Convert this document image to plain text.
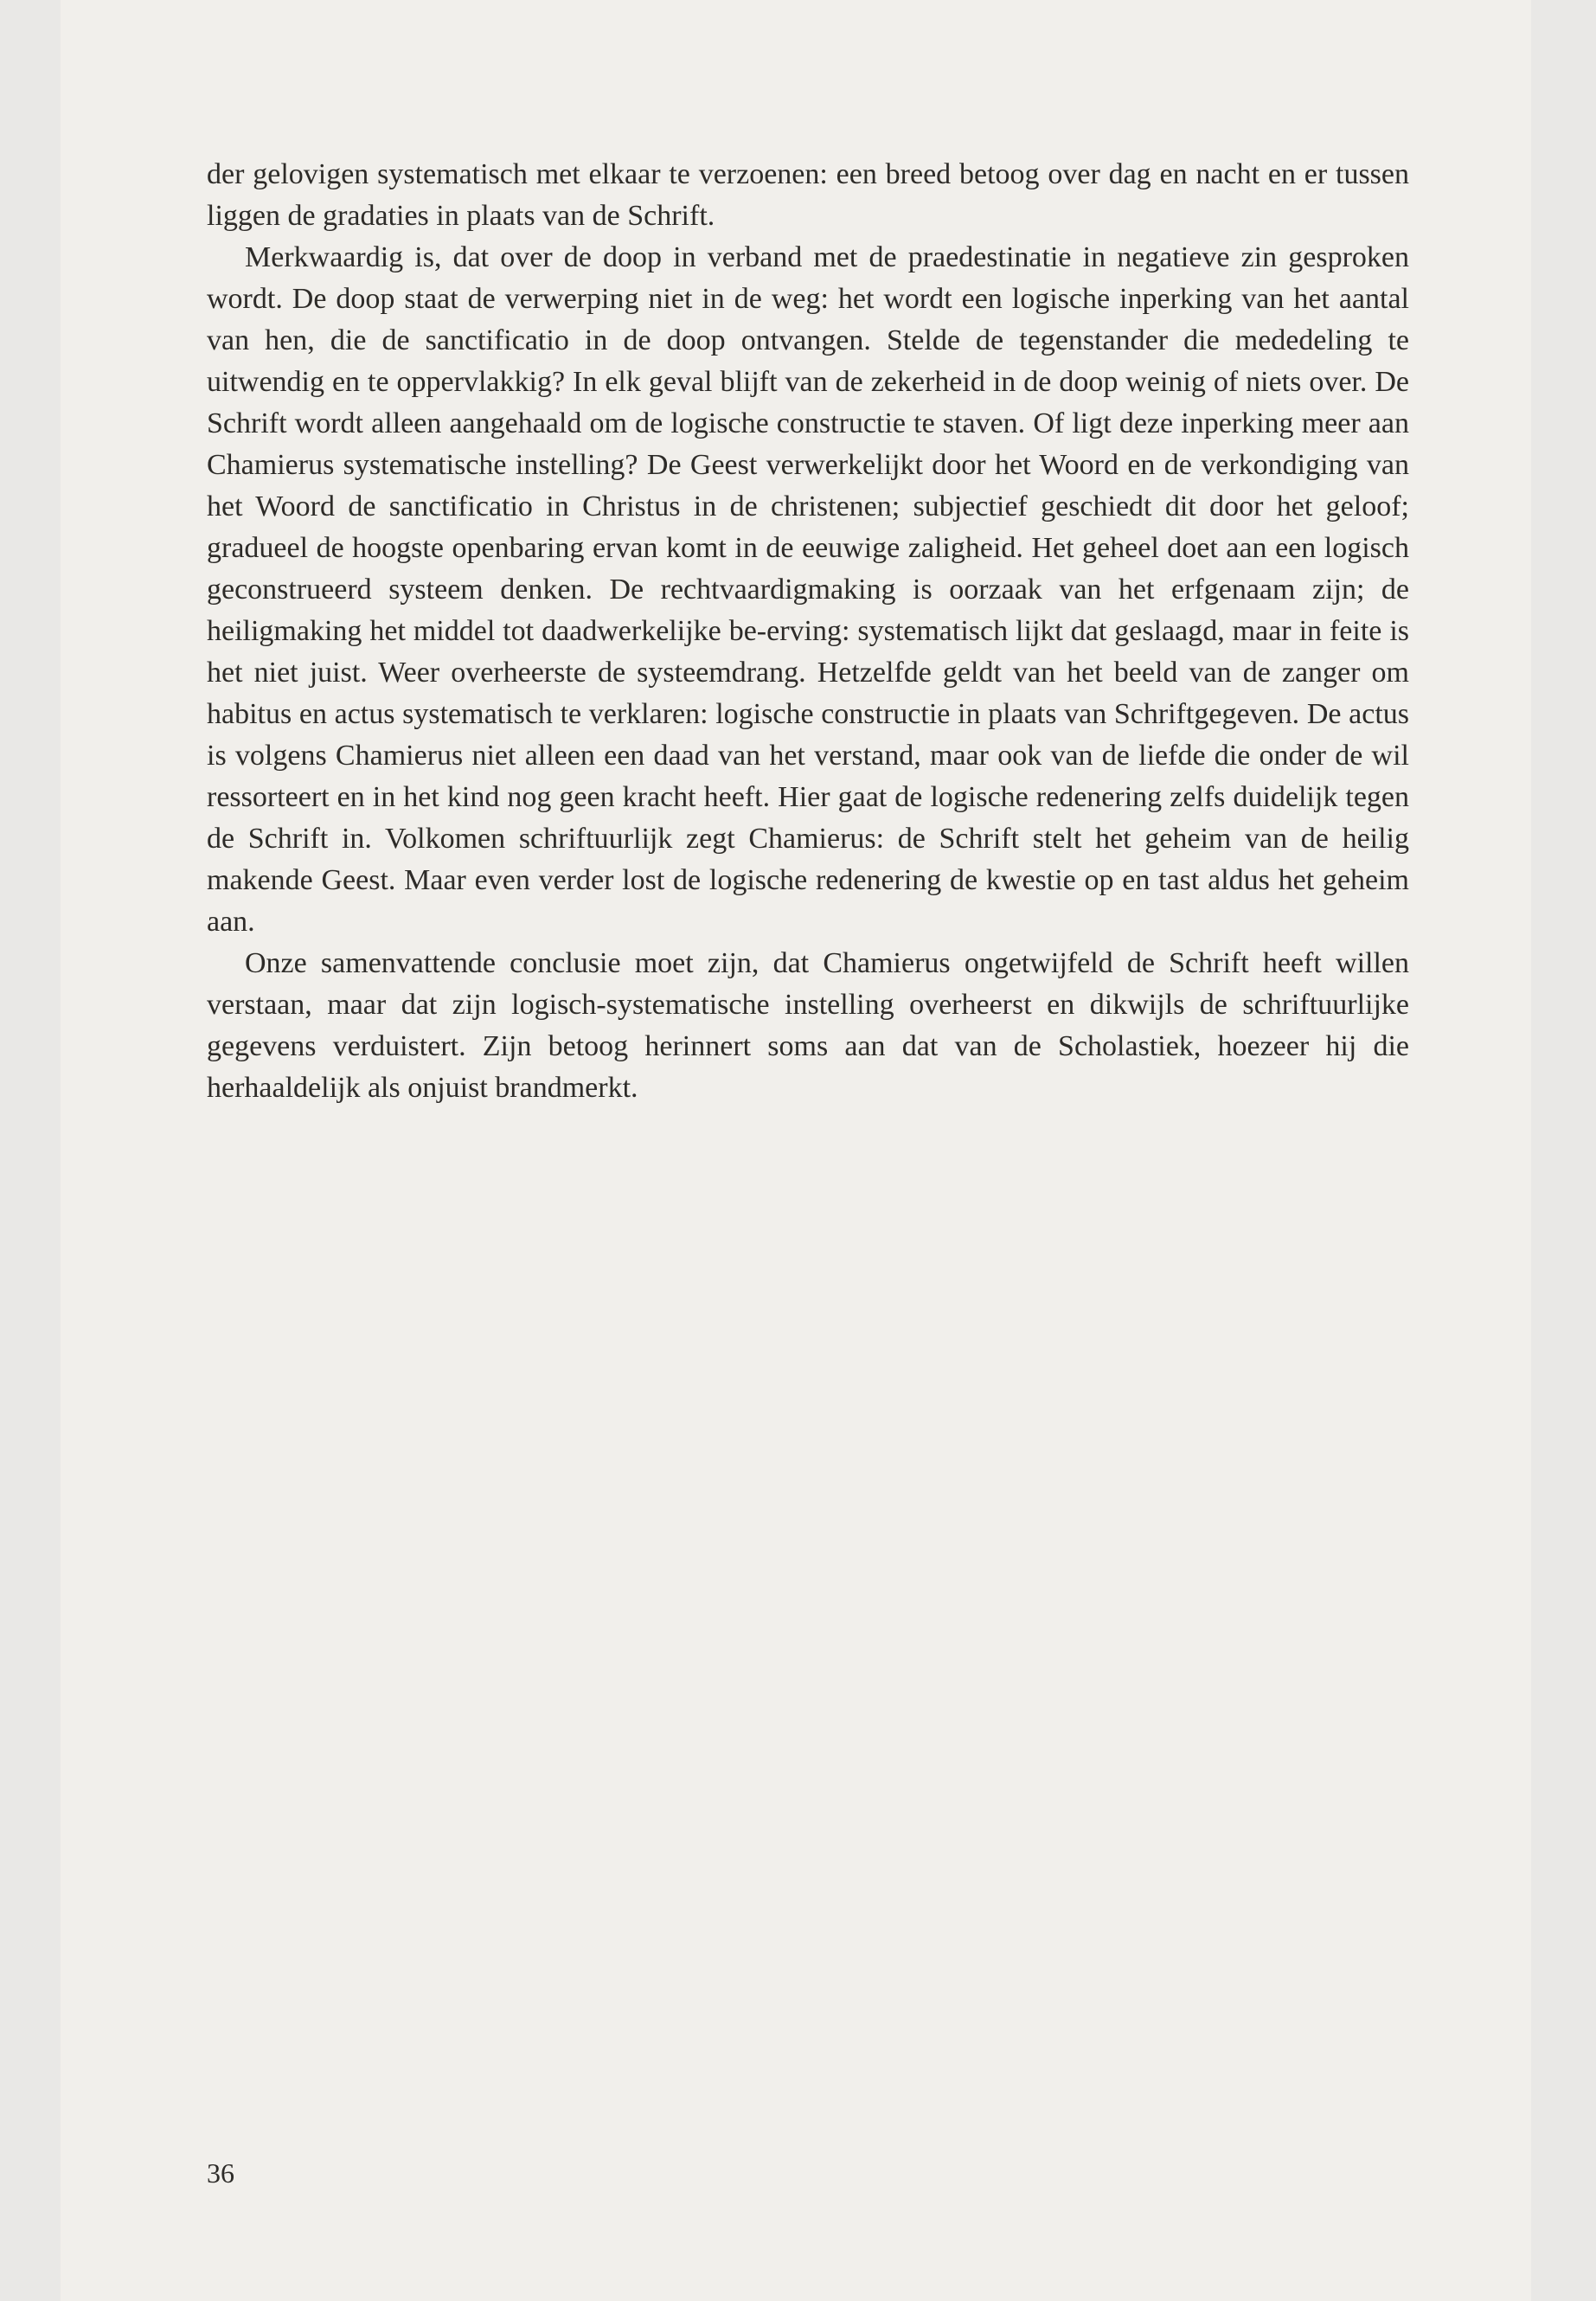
der gelovigen systematisch met elkaar te verzoenen: een breed betoog over dag en nacht en er tussen liggen de gradaties in plaats van de Schrift.

Merkwaardig is, dat over de doop in verband met de praedestinatie in negatieve zin gesproken wordt. De doop staat de verwerping niet in de weg: het wordt een logische inperking van het aantal van hen, die de sanctificatio in de doop ontvangen. Stelde de tegenstander die mededeling te uitwendig en te oppervlakkig? In elk geval blijft van de zekerheid in de doop weinig of niets over. De Schrift wordt alleen aangehaald om de logische constructie te staven. Of ligt deze inperking meer aan Chamierus systematische instelling? De Geest verwerkelijkt door het Woord en de verkondiging van het Woord de sanctificatio in Christus in de christenen; subjectief geschiedt dit door het geloof; gradueel de hoogste openbaring ervan komt in de eeuwige zaligheid. Het geheel doet aan een logisch geconstrueerd systeem denken. De rechtvaardigmaking is oorzaak van het erfgenaam zijn; de heiligmaking het middel tot daadwerkelijke be-erving: systematisch lijkt dat geslaagd, maar in feite is het niet juist. Weer overheerste de systeemdrang. Hetzelfde geldt van het beeld van de zanger om habitus en actus systematisch te verklaren: logische constructie in plaats van Schriftgegeven. De actus is volgens Chamierus niet alleen een daad van het verstand, maar ook van de liefde die onder de wil ressorteert en in het kind nog geen kracht heeft. Hier gaat de logische redenering zelfs duidelijk tegen de Schrift in. Volkomen schriftuurlijk zegt Chamierus: de Schrift stelt het geheim van de heilig makende Geest. Maar even verder lost de logische redenering de kwestie op en tast aldus het geheim aan.

Onze samenvattende conclusie moet zijn, dat Chamierus ongetwijfeld de Schrift heeft willen verstaan, maar dat zijn logisch-systematische instelling overheerst en dikwijls de schriftuurlijke gegevens verduistert. Zijn betoog herinnert soms aan dat van de Scholastiek, hoezeer hij die herhaaldelijk als onjuist brandmerkt.

36
